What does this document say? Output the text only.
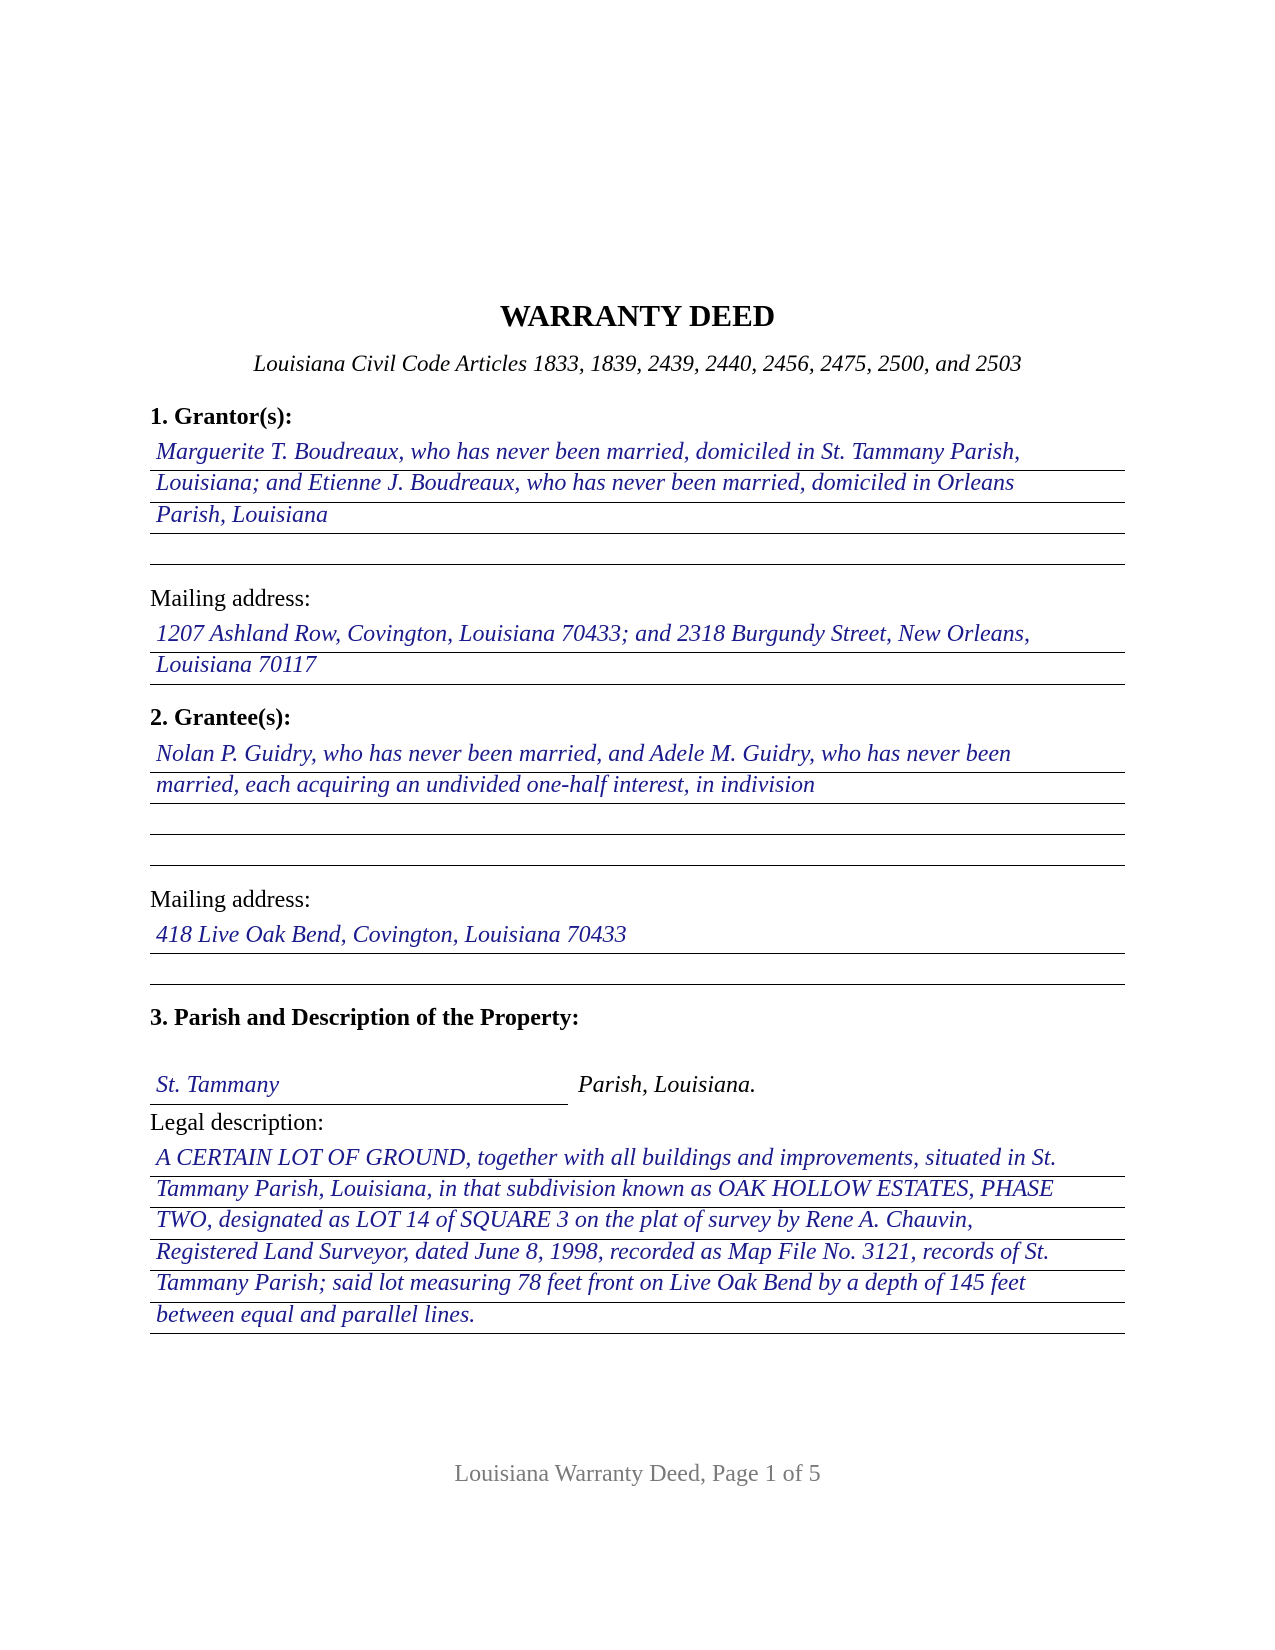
WARRANTY DEED
Louisiana Civil Code Articles 1833, 1839, 2439, 2440, 2456, 2475, 2500, and 2503
1. Grantor(s):
Marguerite T. Boudreaux, who has never been married, domiciled in St. Tammany Parish,
Louisiana; and Etienne J. Boudreaux, who has never been married, domiciled in Orleans
Parish, Louisiana
Mailing address:
1207 Ashland Row, Covington, Louisiana 70433; and 2318 Burgundy Street, New Orleans,
Louisiana 70117
2. Grantee(s):
Nolan P. Guidry, who has never been married, and Adele M. Guidry, who has never been
married, each acquiring an undivided one-half interest, in indivision
Mailing address:
418 Live Oak Bend, Covington, Louisiana 70433
3. Parish and Description of the Property:
St. Tammany	Parish, Louisiana.
Legal description:
A CERTAIN LOT OF GROUND, together with all buildings and improvements, situated in St.
Tammany Parish, Louisiana, in that subdivision known as OAK HOLLOW ESTATES, PHASE
TWO, designated as LOT 14 of SQUARE 3 on the plat of survey by Rene A. Chauvin,
Registered Land Surveyor, dated June 8, 1998, recorded as Map File No. 3121, records of St.
Tammany Parish; said lot measuring 78 feet front on Live Oak Bend by a depth of 145 feet
between equal and parallel lines.
Louisiana Warranty Deed, Page 1 of 5
